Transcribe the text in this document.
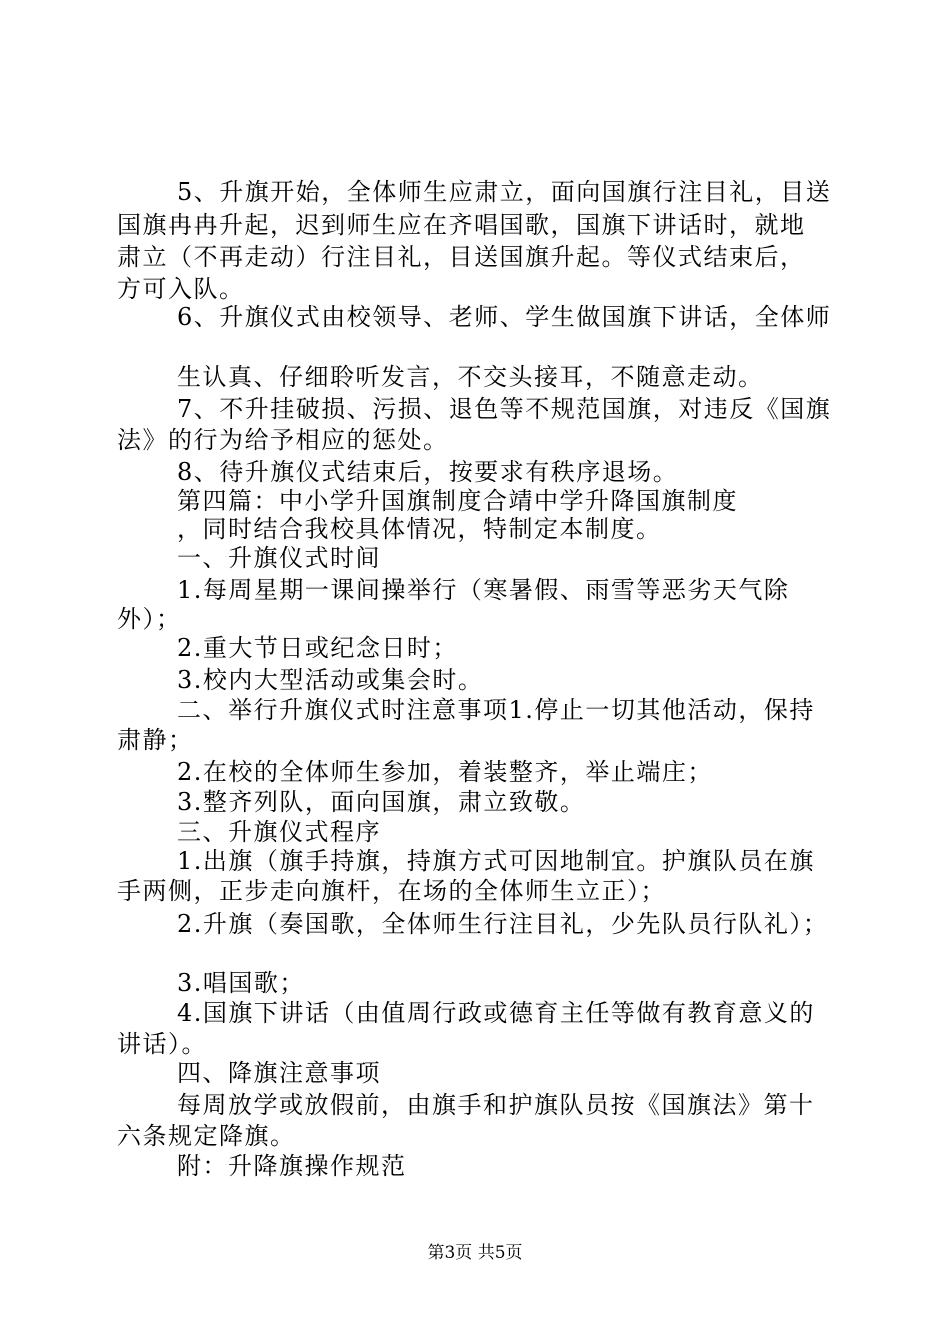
5、升旗开始，全体师生应肃立，面向国旗行注目礼，目送
国旗冉冉升起，迟到师生应在齐唱国歌，国旗下讲话时，就地
肃立（不再走动）行注目礼，目送国旗升起。等仪式结束后，
方可入队。
6、升旗仪式由校领导、老师、学生做国旗下讲话，全体师
生认真、仔细聆听发言，不交头接耳，不随意走动。
7、不升挂破损、污损、退色等不规范国旗，对违反《国旗
法》的行为给予相应的惩处。
8、待升旗仪式结束后，按要求有秩序退场。
第四篇：中小学升国旗制度合靖中学升降国旗制度
，同时结合我校具体情况，特制定本制度。
一、升旗仪式时间
1.每周星期一课间操举行（寒暑假、雨雪等恶劣天气除
外）；
2.重大节日或纪念日时；
3.校内大型活动或集会时。
二、举行升旗仪式时注意事项1.停止一切其他活动，保持
肃静；
2.在校的全体师生参加，着装整齐，举止端庄；
3.整齐列队，面向国旗，肃立致敬。
三、升旗仪式程序
1.出旗（旗手持旗，持旗方式可因地制宜。护旗队员在旗
手两侧，正步走向旗杆，在场的全体师生立正）；
2.升旗（奏国歌，全体师生行注目礼，少先队员行队礼）；
3.唱国歌；
4.国旗下讲话（由值周行政或德育主任等做有教育意义的
讲话）。
四、降旗注意事项
每周放学或放假前，由旗手和护旗队员按《国旗法》第十
六条规定降旗。
附：升降旗操作规范
第3页 共5页
